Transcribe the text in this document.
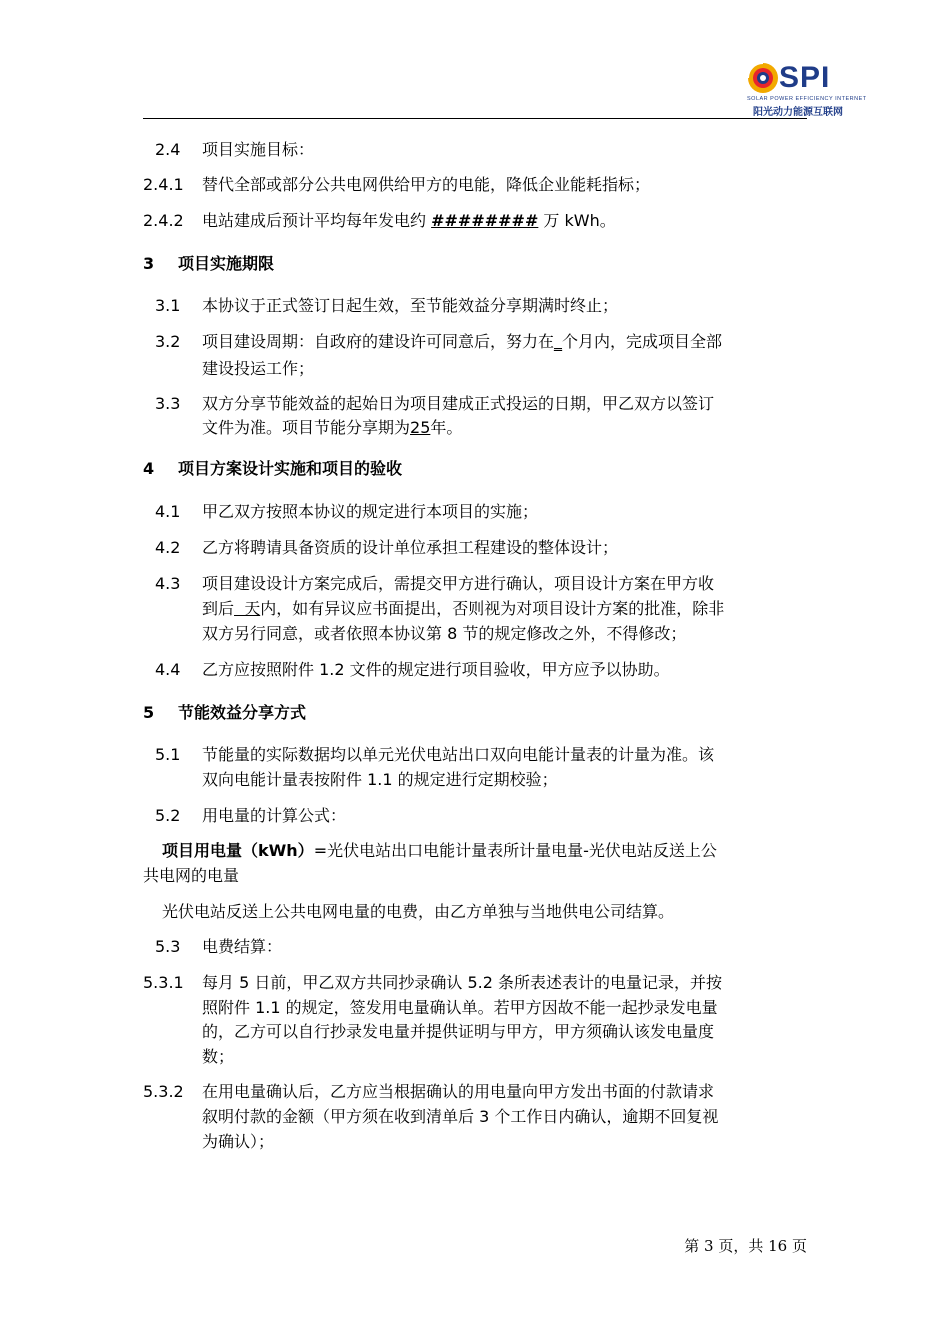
SPI
SOLAR POWER EFFICIENCY INTERNET
阳光动力能源互联网
2.4 项目实施目标：
2.4.1 替代全部或部分公共电网供给甲方的电能，降低企业能耗指标；
2.4.2 电站建成后预计平均每年发电约 ######## 万 kWh。
3 项目实施期限
3.1 本协议于正式签订日起生效，至节能效益分享期满时终止；
3.2 项目建设周期：自政府的建设许可同意后，努力在_个月内，完成项目全部
建设投运工作；
3.3 双方分享节能效益的起始日为项目建成正式投运的日期，甲乙双方以签订
文件为准。项目节能分享期为25年。
4 项目方案设计实施和项目的验收
4.1 甲乙双方按照本协议的规定进行本项目的实施；
4.2 乙方将聘请具备资质的设计单位承担工程建设的整体设计；
4.3 项目建设设计方案完成后，需提交甲方进行确认，项目设计方案在甲方收
到后  天内，如有异议应书面提出，否则视为对项目设计方案的批准，除非
双方另行同意，或者依照本协议第 8 节的规定修改之外，不得修改；
4.4 乙方应按照附件 1.2 文件的规定进行项目验收，甲方应予以协助。
5 节能效益分享方式
5.1 节能量的实际数据均以单元光伏电站出口双向电能计量表的计量为准。该
双向电能计量表按附件 1.1 的规定进行定期校验；
5.2 用电量的计算公式：
项目用电量（kWh）=光伏电站出口电能计量表所计量电量-光伏电站反送上公
共电网的电量
光伏电站反送上公共电网电量的电费，由乙方单独与当地供电公司结算。
5.3 电费结算：
5.3.1 每月 5 日前，甲乙双方共同抄录确认 5.2 条所表述表计的电量记录，并按
照附件 1.1 的规定，签发用电量确认单。若甲方因故不能一起抄录发电量
的，乙方可以自行抄录发电量并提供证明与甲方，甲方须确认该发电量度
数；
5.3.2 在用电量确认后，乙方应当根据确认的用电量向甲方发出书面的付款请求
叙明付款的金额（甲方须在收到清单后 3 个工作日内确认，逾期不回复视
为确认）；
第 3 页，共 16 页
